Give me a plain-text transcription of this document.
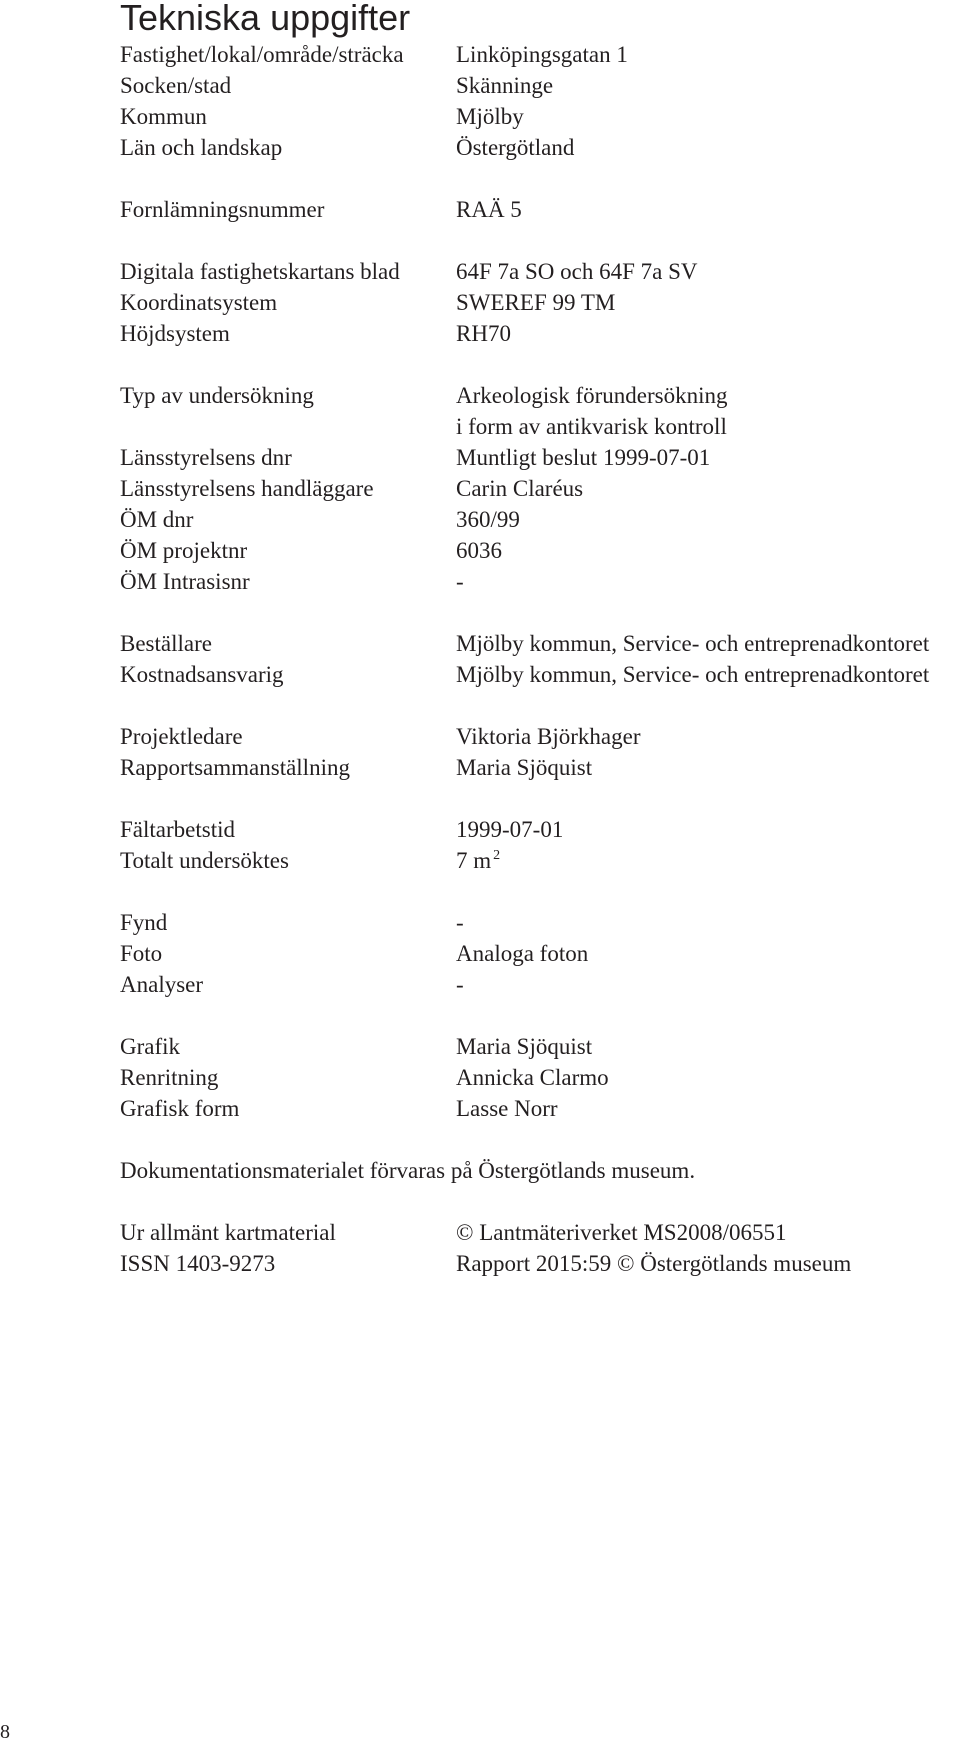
Tekniska uppgifter
Fastighet/lokal/område/sträcka	Linköpingsgatan 1
Socken/stad	Skänninge
Kommun	Mjölby
Län och landskap	Östergötland
Fornlämningsnummer	RAÄ 5
Digitala fastighetskartans blad	64F 7a SO och 64F 7a SV
Koordinatsystem	SWEREF 99 TM
Höjdsystem	RH70
Typ av undersökning	Arkeologisk förundersökning
i form av antikvarisk kontroll
Länsstyrelsens dnr	Muntligt beslut 1999-07-01
Länsstyrelsens handläggare	Carin Claréus
ÖM dnr	360/99
ÖM projektnr	6036
ÖM Intrasisnr	-
Beställare	Mjölby kommun, Service- och entreprenadkontoret
Kostnadsansvarig	Mjölby kommun, Service- och entreprenadkontoret
Projektledare	Viktoria Björkhager
Rapportsammanställning	Maria Sjöquist
Fältarbetstid	1999-07-01
Totalt undersöktes	7 m $^2$
Fynd	-
Foto	Analoga foton
Analyser	-
Grafik	Maria Sjöquist
Renritning	Annicka Clarmo
Grafisk form	Lasse Norr
Dokumentationsmaterialet förvaras på Östergötlands museum.
Ur allmänt kartmaterial	© Lantmäteriverket MS2008/06551
ISSN 1403-9273	Rapport 2015:59 © Östergötlands museum
8
